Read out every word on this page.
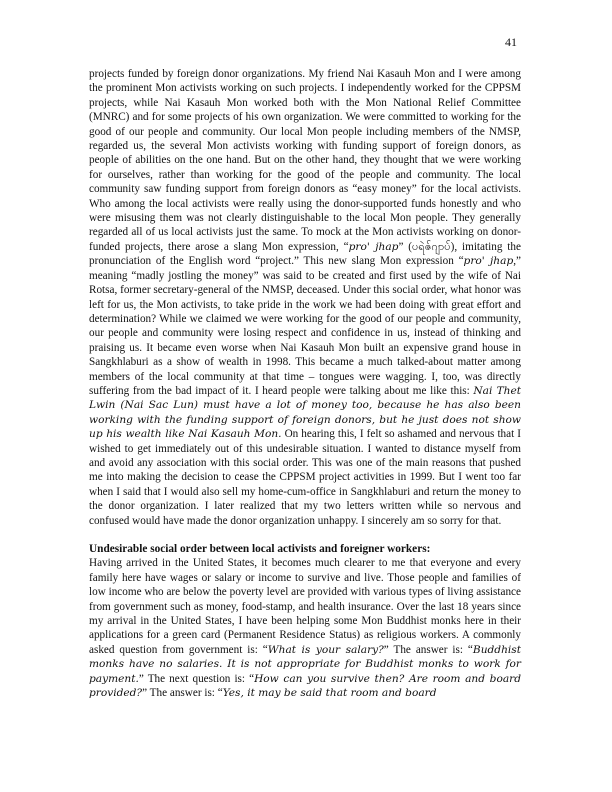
41

projects funded by foreign donor organizations. My friend Nai Kasauh Mon and I were among the prominent Mon activists working on such projects. I independently worked for the CPPSM projects, while Nai Kasauh Mon worked both with the Mon National Relief Committee (MNRC) and for some projects of his own organization. We were committed to working for the good of our people and community. Our local Mon people including members of the NMSP, regarded us, the several Mon activists working with funding support of foreign donors, as people of abilities on the one hand. But on the other hand, they thought that we were working for ourselves, rather than working for the good of the people and community. The local community saw funding support from foreign donors as “easy money” for the local activists. Who among the local activists were really using the donor-supported funds honestly and who were misusing them was not clearly distinguishable to the local Mon people. They generally regarded all of us local activists just the same. To mock at the Mon activists working on donor-funded projects, there arose a slang Mon expression, “pro' jhap” (ပရဲဇ်ဂျာပ်), imitating the pronunciation of the English word “project.” This new slang Mon expression “pro' jhap,” meaning “madly jostling the money” was said to be created and first used by the wife of Nai Rotsa, former secretary-general of the NMSP, deceased. Under this social order, what honor was left for us, the Mon activists, to take pride in the work we had been doing with great effort and determination? While we claimed we were working for the good of our people and community, our people and community were losing respect and confidence in us, instead of thinking and praising us. It became even worse when Nai Kasauh Mon built an expensive grand house in Sangkhlaburi as a show of wealth in 1998. This became a much talked-about matter among members of the local community at that time – tongues were wagging. I, too, was directly suffering from the bad impact of it. I heard people were talking about me like this: Nai Thet Lwin (Nai Sac Lun) must have a lot of money too, because he has also been working with the funding support of foreign donors, but he just does not show up his wealth like Nai Kasauh Mon. On hearing this, I felt so ashamed and nervous that I wished to get immediately out of this undesirable situation. I wanted to distance myself from and avoid any association with this social order. This was one of the main reasons that pushed me into making the decision to cease the CPPSM project activities in 1999. But I went too far when I said that I would also sell my home-cum-office in Sangkhlaburi and return the money to the donor organization. I later realized that my two letters written while so nervous and confused would have made the donor organization unhappy. I sincerely am so sorry for that.

Undesirable social order between local activists and foreigner workers:

Having arrived in the United States, it becomes much clearer to me that everyone and every family here have wages or salary or income to survive and live. Those people and families of low income who are below the poverty level are provided with various types of living assistance from government such as money, food-stamp, and health insurance. Over the last 18 years since my arrival in the United States, I have been helping some Mon Buddhist monks here in their applications for a green card (Permanent Residence Status) as religious workers. A commonly asked question from government is: “What is your salary?” The answer is: “Buddhist monks have no salaries. It is not appropriate for Buddhist monks to work for payment.” The next question is: “How can you survive then? Are room and board provided?” The answer is: “Yes, it may be said that room and board
